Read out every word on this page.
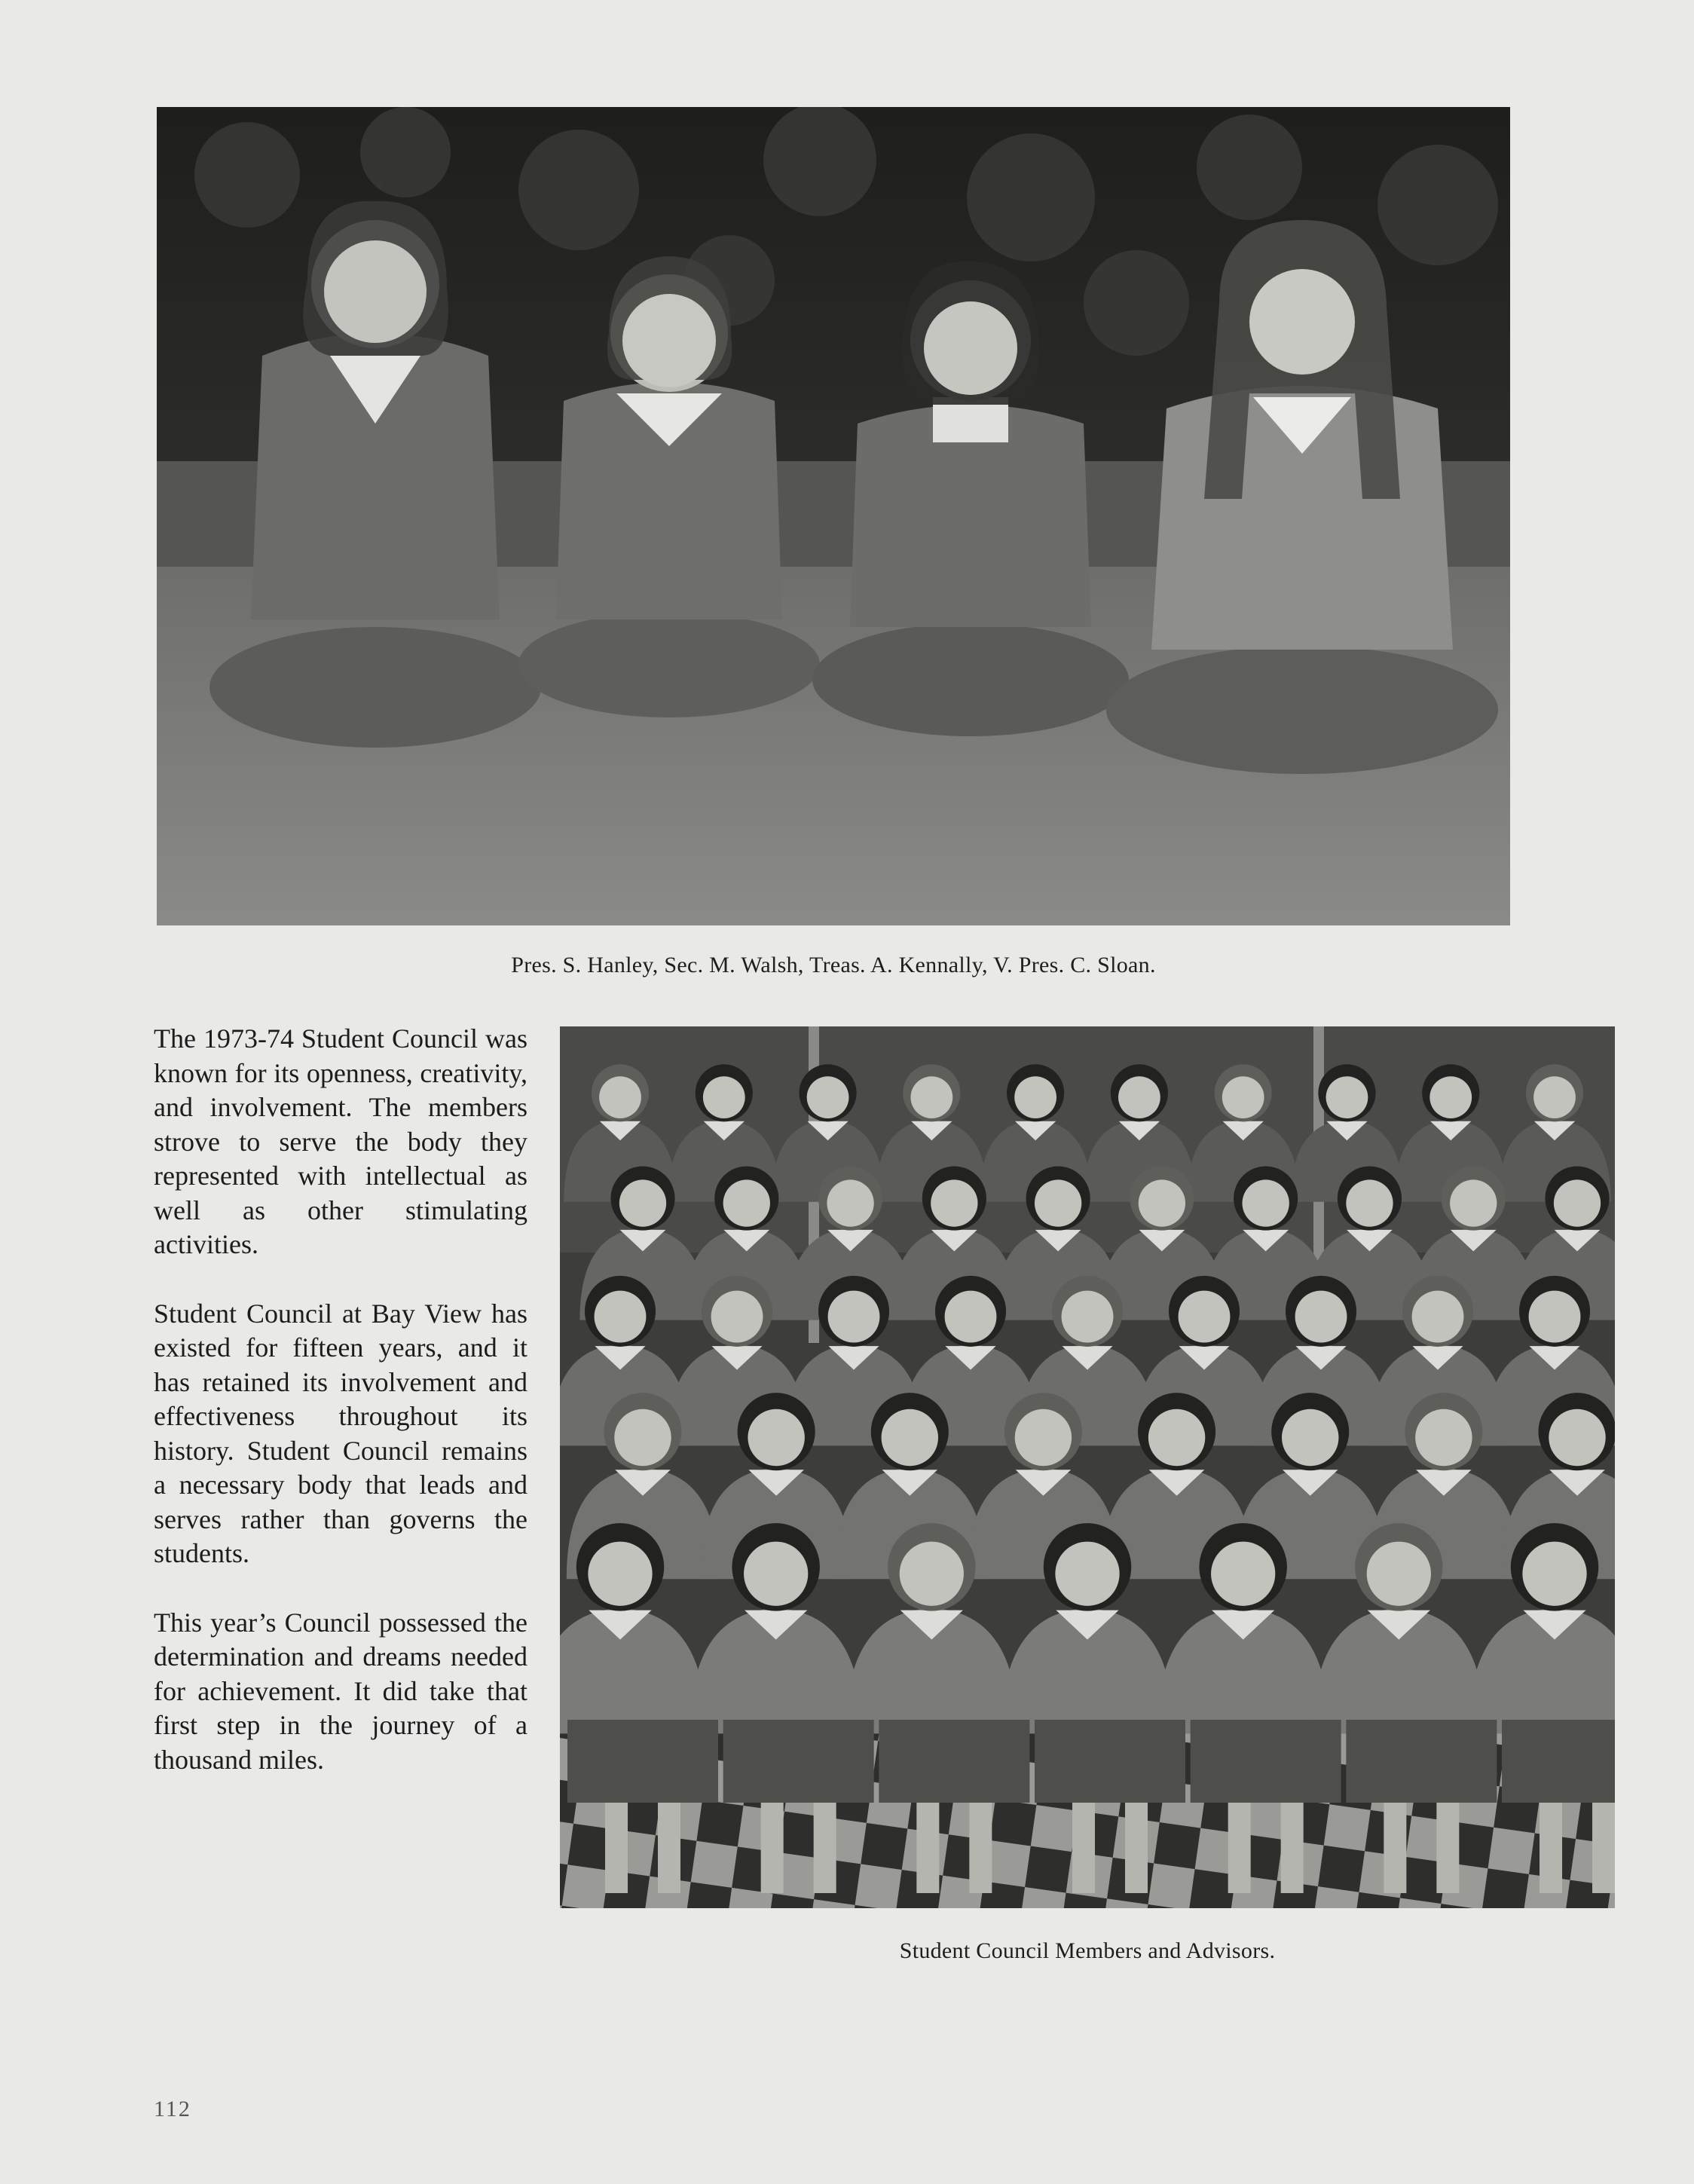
Pres. S. Hanley, Sec. M. Walsh, Treas. A. Kennally, V. Pres. C. Sloan.

The 1973-74 Student Council was known for its openness, creativity, and involvement. The members strove to serve the body they represented with intellectual as well as other stimulating activities.

Student Council at Bay View has existed for fifteen years, and it has retained its involvement and effectiveness throughout its history. Student Council remains a necessary body that leads and serves rather than governs the students.

This year’s Council possessed the determination and dreams needed for achievement. It did take that first step in the journey of a thousand miles.

Student Council Members and Advisors.
112
